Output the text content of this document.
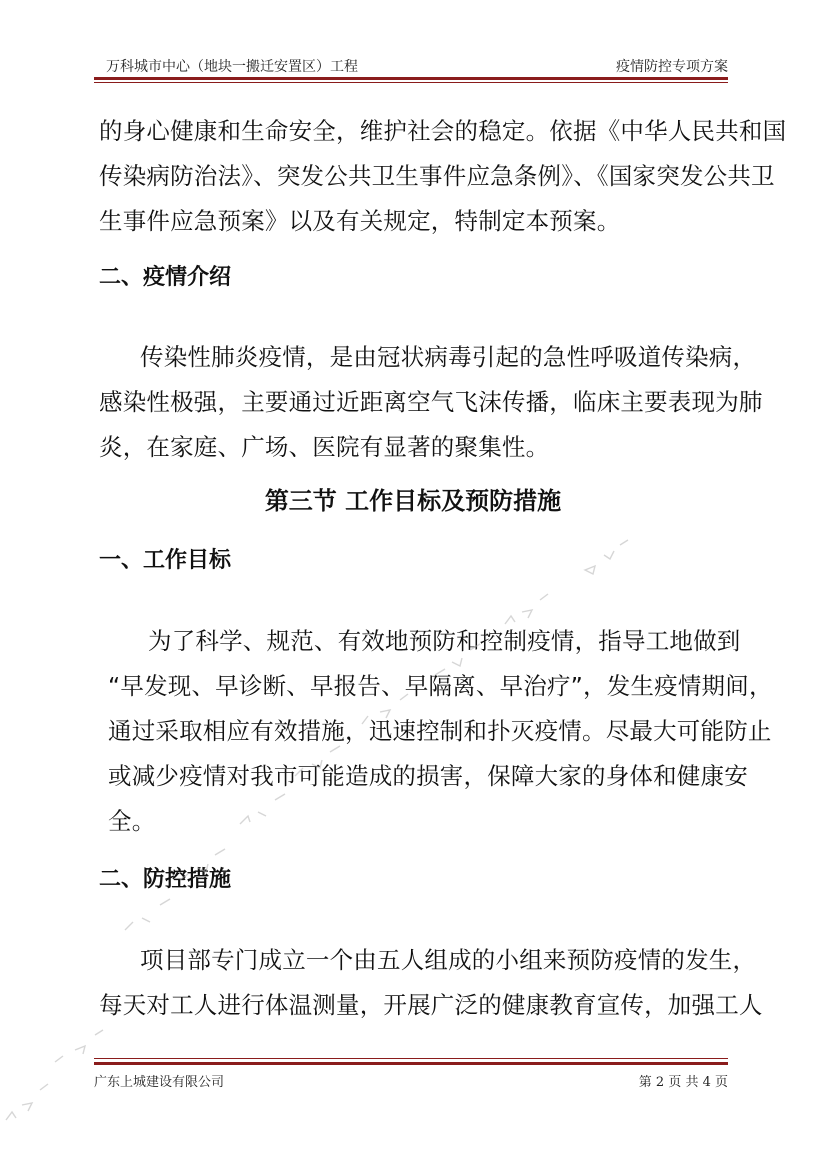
万科城市中心（地块一搬迁安置区）工程	疫情防控专项方案
的身心健康和生命安全，维护社会的稳定。依据《中华人民共和国
传染病防治法》、突发公共卫生事件应急条例》、《国家突发公共卫
生事件应急预案》以及有关规定，特制定本预案。
二、疫情介绍
传染性肺炎疫情，是由冠状病毒引起的急性呼吸道传染病，
感染性极强，主要通过近距离空气飞沫传播，临床主要表现为肺
炎，在家庭、广场、医院有显著的聚集性。
第三节 工作目标及预防措施
一、工作目标
为了科学、规范、有效地预防和控制疫情，指导工地做到
“早发现、早诊断、早报告、早隔离、早治疗”，发生疫情期间，
通过采取相应有效措施，迅速控制和扑灭疫情。尽最大可能防止
或减少疫情对我市可能造成的损害，保障大家的身体和健康安
全。
二、防控措施
项目部专门成立一个由五人组成的小组来预防疫情的发生，
每天对工人进行体温测量，开展广泛的健康教育宣传，加强工人
广东上城建设有限公司	第 2 页 共 4 页
